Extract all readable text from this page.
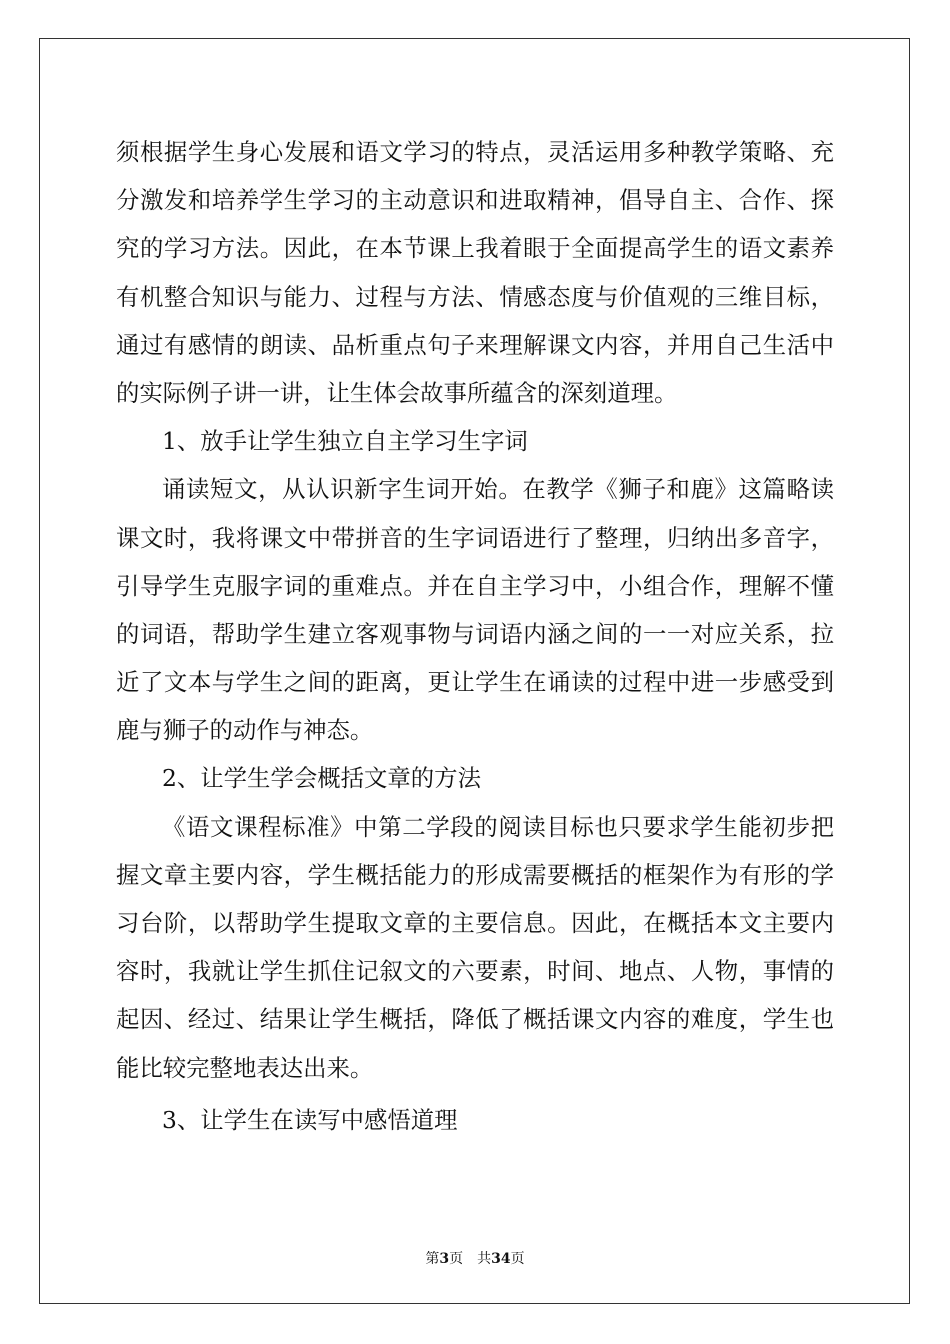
须根据学生身心发展和语文学习的特点，灵活运用多种教学策略、充
分激发和培养学生学习的主动意识和进取精神，倡导自主、合作、探
究的学习方法。因此，在本节课上我着眼于全面提高学生的语文素养
有机整合知识与能力、过程与方法、情感态度与价值观的三维目标，
通过有感情的朗读、品析重点句子来理解课文内容，并用自己生活中
的实际例子讲一讲，让生体会故事所蕴含的深刻道理。
1、放手让学生独立自主学习生字词
诵读短文，从认识新字生词开始。在教学《狮子和鹿》这篇略读
课文时，我将课文中带拼音的生字词语进行了整理，归纳出多音字，
引导学生克服字词的重难点。并在自主学习中，小组合作，理解不懂
的词语，帮助学生建立客观事物与词语内涵之间的一一对应关系，拉
近了文本与学生之间的距离，更让学生在诵读的过程中进一步感受到
鹿与狮子的动作与神态。
2、让学生学会概括文章的方法
《语文课程标准》中第二学段的阅读目标也只要求学生能初步把
握文章主要内容，学生概括能力的形成需要概括的框架作为有形的学
习台阶，以帮助学生提取文章的主要信息。因此，在概括本文主要内
容时，我就让学生抓住记叙文的六要素，时间、地点、人物，事情的
起因、经过、结果让学生概括，降低了概括课文内容的难度，学生也
能比较完整地表达出来。
3、让学生在读写中感悟道理
第3页 共34页
